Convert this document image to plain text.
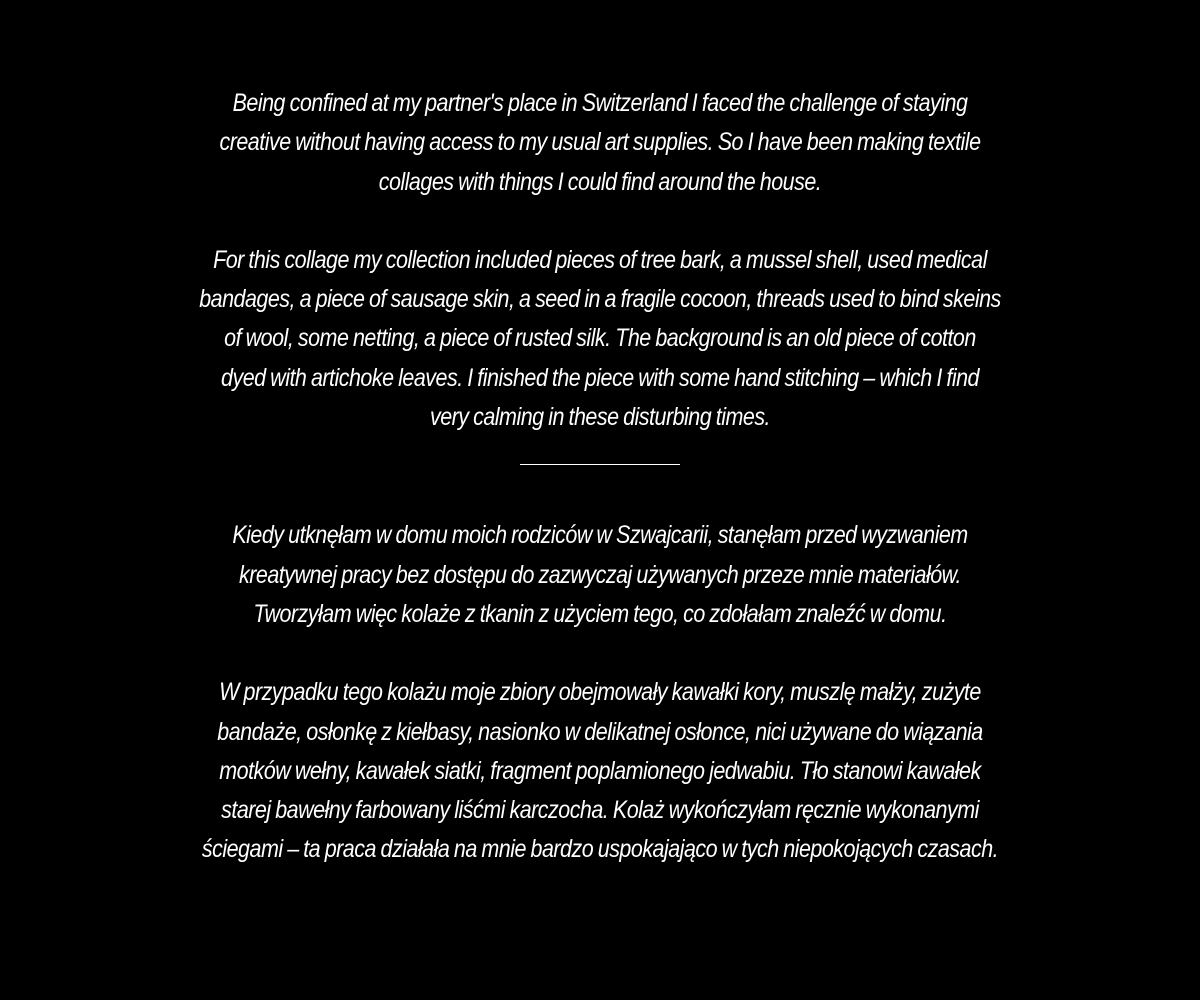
Being confined at my partner's place in Switzerland I faced the challenge of staying
creative without having access to my usual art supplies. So I have been making textile
collages with things I could find around the house.
For this collage my collection included pieces of tree bark, a mussel shell, used medical
bandages, a piece of sausage skin, a seed in a fragile cocoon, threads used to bind skeins
of wool, some netting, a piece of rusted silk. The background is an old piece of cotton
dyed with artichoke leaves. I finished the piece with some hand stitching – which I find
very calming in these disturbing times.
Kiedy utknęłam w domu moich rodziców w Szwajcarii, stanęłam przed wyzwaniem
kreatywnej pracy bez dostępu do zazwyczaj używanych przeze mnie materiałów.
Tworzyłam więc kolaże z tkanin z użyciem tego, co zdołałam znaleźć w domu.
W przypadku tego kolażu moje zbiory obejmowały kawałki kory, muszlę małży, zużyte
bandaże, osłonkę z kiełbasy, nasionko w delikatnej osłonce, nici używane do wiązania
motków wełny, kawałek siatki, fragment poplamionego jedwabiu. Tło stanowi kawałek
starej bawełny farbowany liśćmi karczocha. Kolaż wykończyłam ręcznie wykonanymi
ściegami – ta praca działała na mnie bardzo uspokajająco w tych niepokojących czasach.
